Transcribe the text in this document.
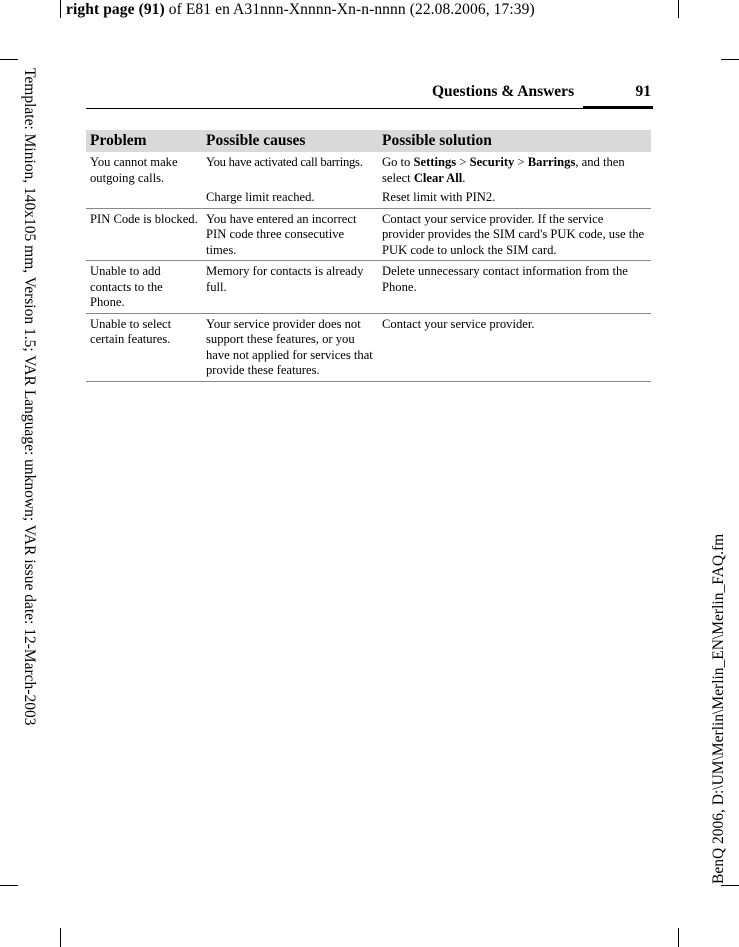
right page (91) of E81 en A31nnn-Xnnnn-Xn-n-nnnn (22.08.2006, 17:39)
Template: Minion, 140x105 mm, Version 1.5; VAR Language: unknown; VAR issue date: 12-March-2003	BenQ 2006, D:\UM\Merlin\Merlin_EN\Merlin_FAQ.fm
Questions & Answers	91
Problem	Possible causes	Possible solution
You cannot make outgoing calls.	You have activated call barrings.	Go to Settings > Security > Barrings, and then select Clear All.
	Charge limit reached.	Reset limit with PIN2.
PIN Code is blocked.	You have entered an incorrect PIN code three consecutive times.	Contact your service provider. If the service provider provides the SIM card's PUK code, use the PUK code to unlock the SIM card.
Unable to add contacts to the Phone.	Memory for contacts is already full.	Delete unnecessary contact information from the Phone.
Unable to select certain features.	Your service provider does not support these features, or you have not applied for services that provide these features.	Contact your service provider.
